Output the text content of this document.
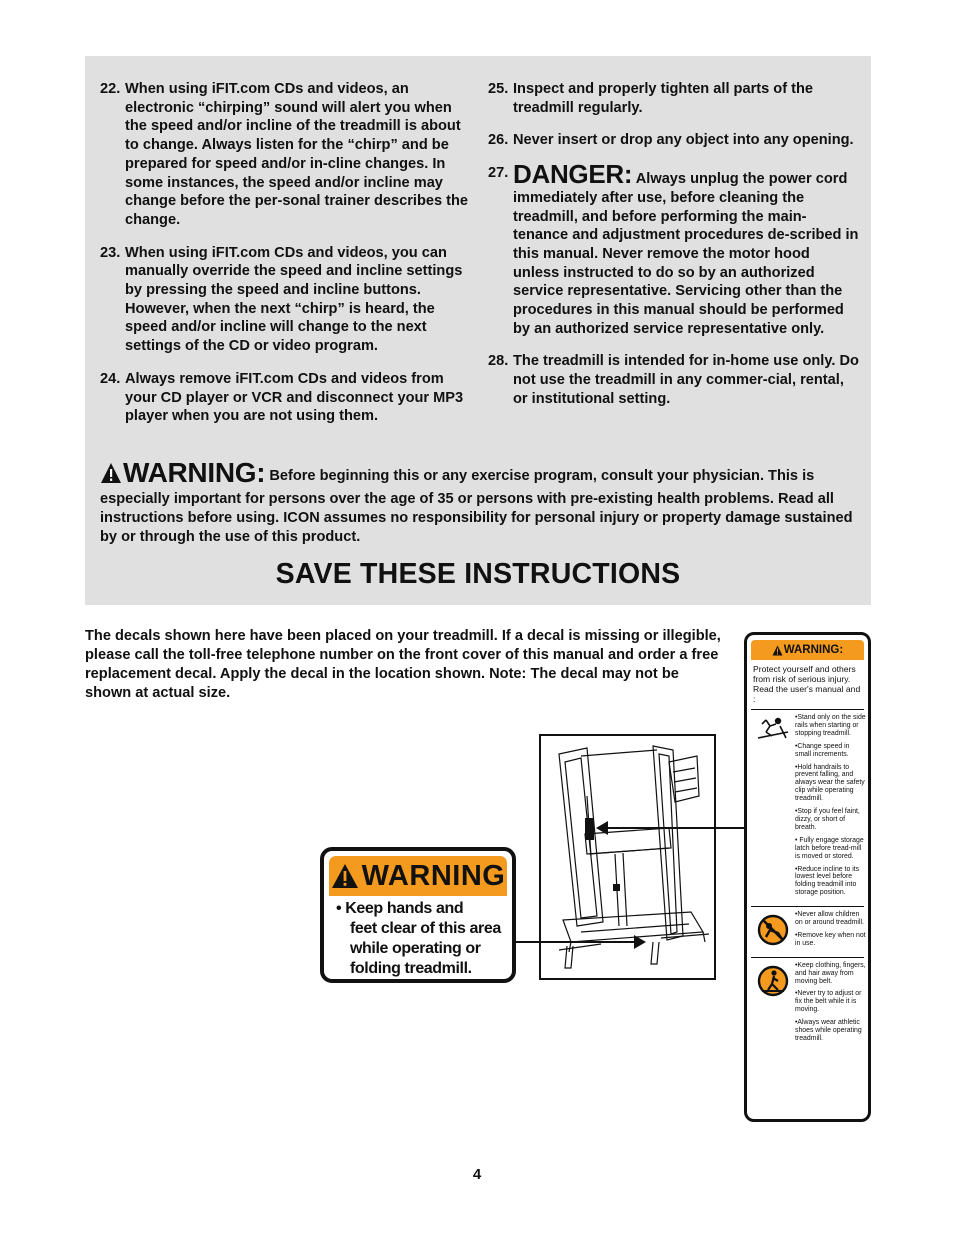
22. When using iFIT.com CDs and videos, an electronic “chirping” sound will alert you when the speed and/or incline of the treadmill is about to change. Always listen for the “chirp” and be prepared for speed and/or in-cline changes. In some instances, the speed and/or incline may change before the per-sonal trainer describes the change.
23. When using iFIT.com CDs and videos, you can manually override the speed and incline settings by pressing the speed and incline buttons. However, when the next “chirp” is heard, the speed and/or incline will change to the next settings of the CD or video program.
24. Always remove iFIT.com CDs and videos from your CD player or VCR and disconnect your MP3 player when you are not using them.
25. Inspect and properly tighten all parts of the treadmill regularly.
26. Never insert or drop any object into any opening.
27. DANGER: Always unplug the power cord immediately after use, before cleaning the treadmill, and before performing the main-tenance and adjustment procedures de-scribed in this manual. Never remove the motor hood unless instructed to do so by an authorized service representative. Servicing other than the procedures in this manual should be performed by an authorized service representative only.
28. The treadmill is intended for in-home use only. Do not use the treadmill in any commer-cial, rental, or institutional setting.
WARNING: Before beginning this or any exercise program, consult your physician. This is especially important for persons over the age of 35 or persons with pre-existing health problems. Read all instructions before using. ICON assumes no responsibility for personal injury or property damage sustained by or through the use of this product.
SAVE THESE INSTRUCTIONS
The decals shown here have been placed on your treadmill. If a decal is missing or illegible, please call the toll-free telephone number on the front cover of this manual and order a free replacement decal. Apply the decal in the location shown. Note: The decal may not be shown at actual size.
WARNING
• Keep hands and
feet clear of this area
while operating or
folding treadmill.
WARNING:
Protect yourself and others from risk of serious injury. Read the user's manual and :
•Stand only on the side rails when starting or stopping treadmill.
•Change speed in small increments.
•Hold handrails to prevent falling, and always wear the safety clip while operating treadmill.
•Stop if you feel faint, dizzy, or short of breath.
• Fully engage storage latch before tread-mill is moved or stored.
•Reduce incline to its lowest level before folding treadmill into storage position.
•Never allow children on or around treadmill.
•Remove key when not in use.
•Keep clothing, fingers, and hair away from moving belt.
•Never try to adjust or fix the belt while it is moving.
•Always wear athletic shoes while operating treadmill.
4
